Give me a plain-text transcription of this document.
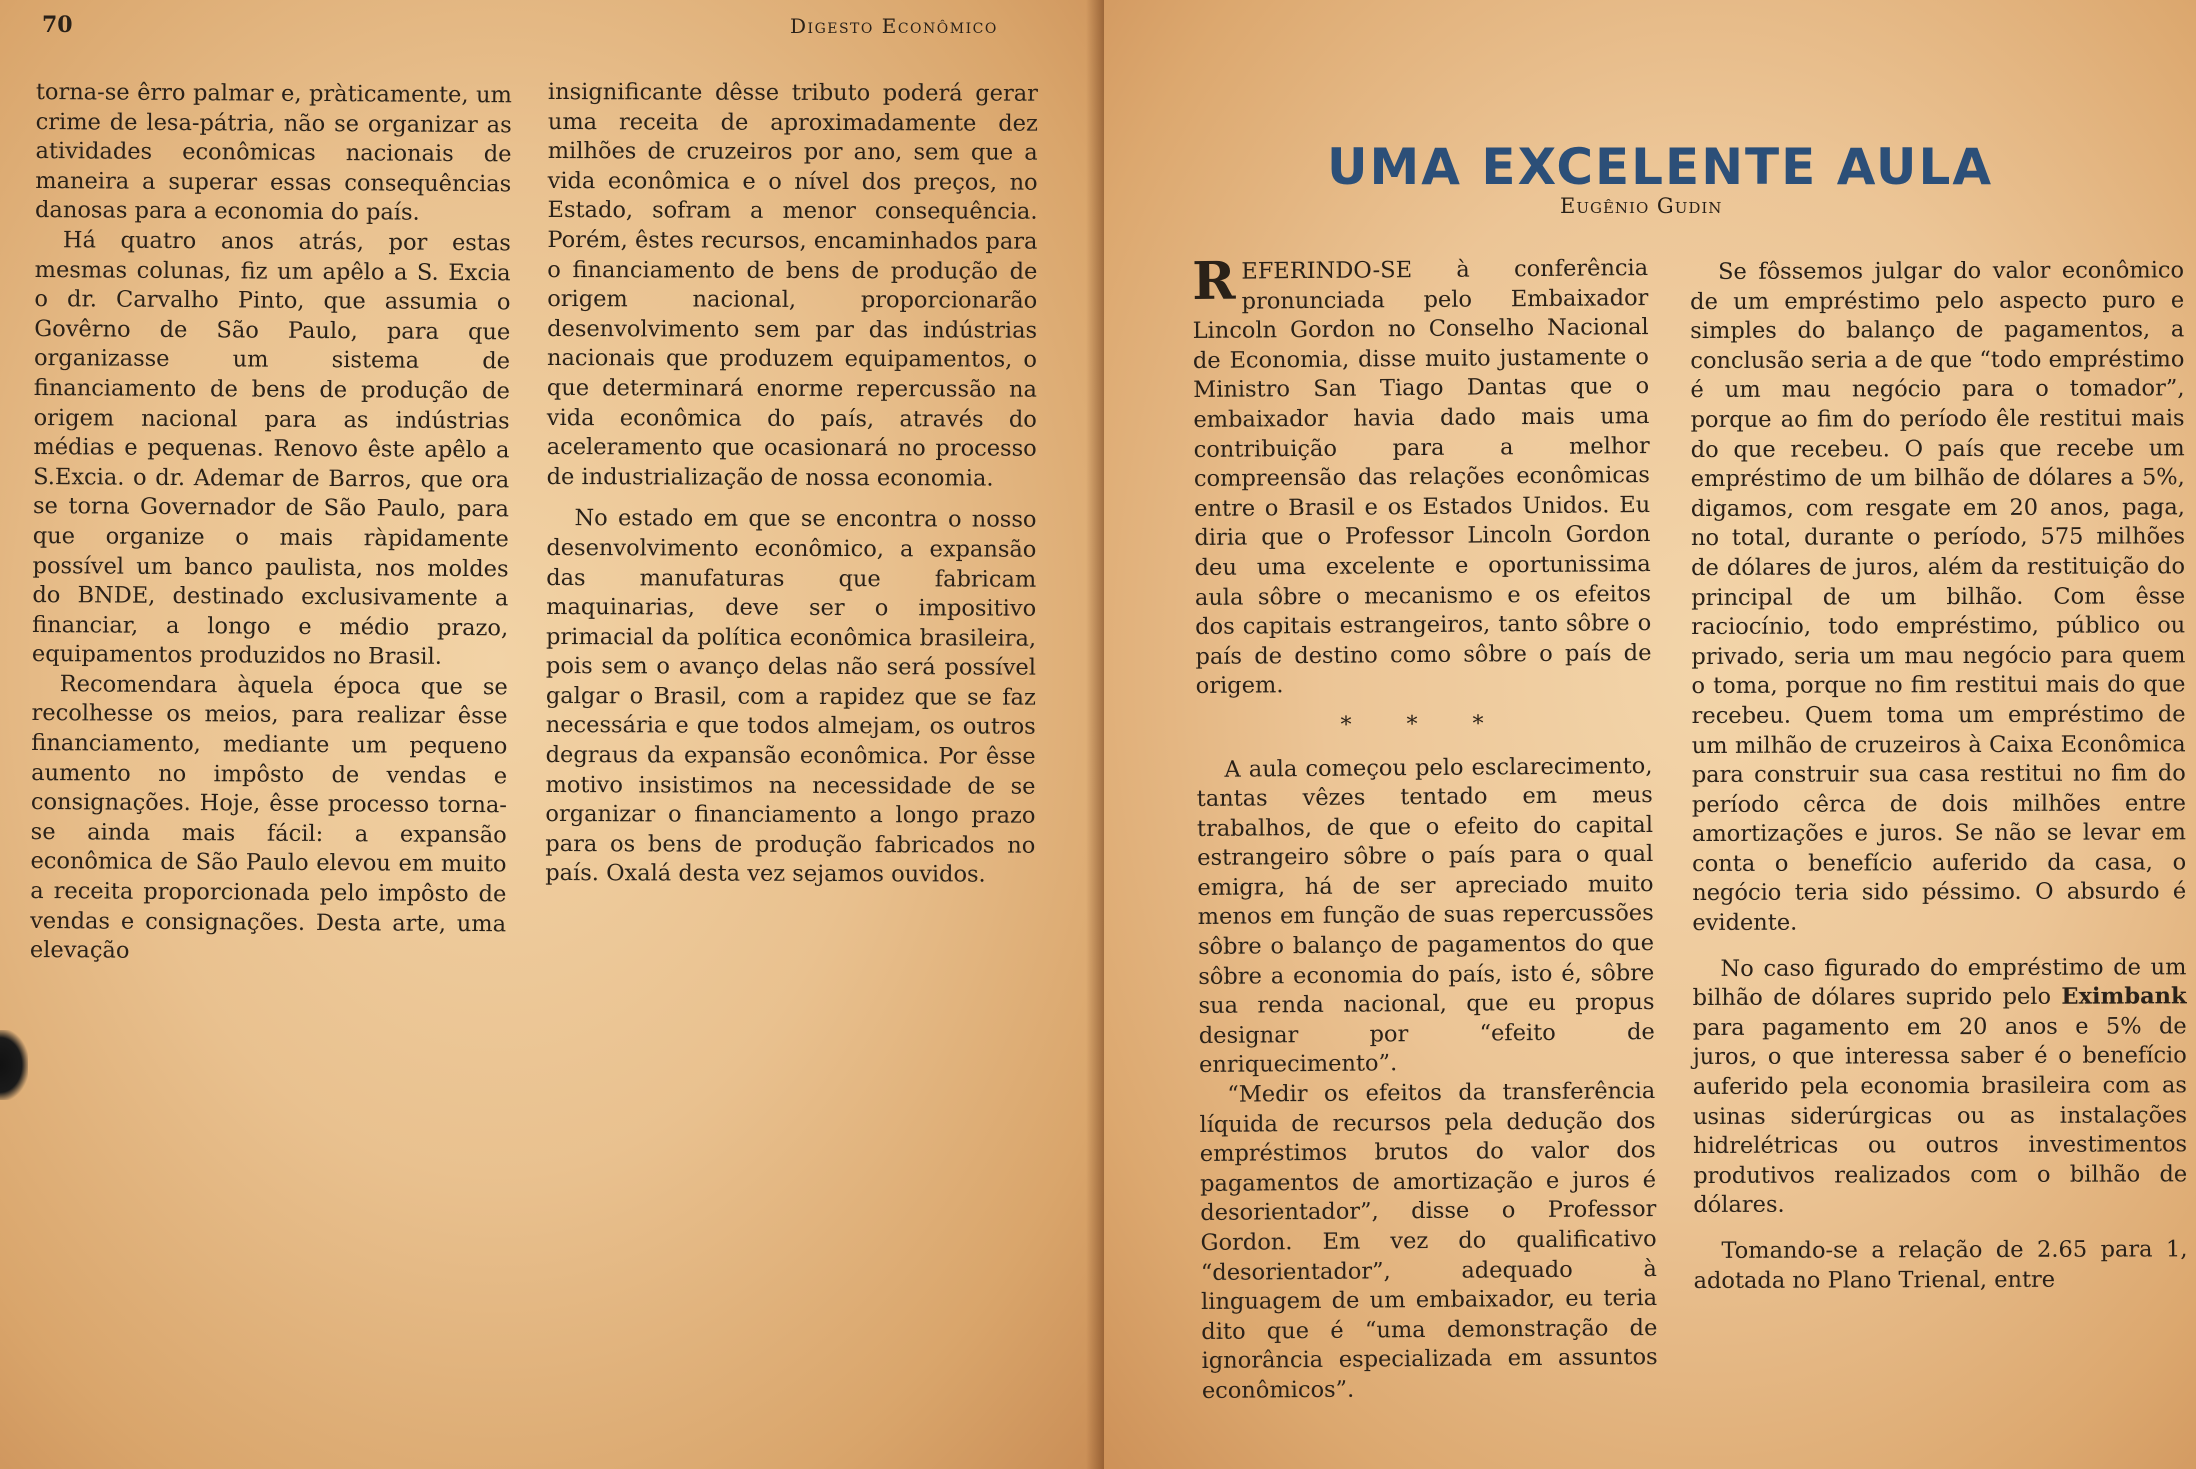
70	Digesto Econômico

torna-se êrro palmar e, pràticamente, um crime de lesa-pátria, não se organizar as atividades econômicas nacionais de maneira a superar essas consequências danosas para a economia do país.

Há quatro anos atrás, por estas mesmas colunas, fiz um apêlo a S. Excia o dr. Carvalho Pinto, que assumia o Govêrno de São Paulo, para que organizasse um sistema de financiamento de bens de produção de origem nacional para as indústrias médias e pequenas. Renovo êste apêlo a S.Excia. o dr. Ademar de Barros, que ora se torna Governador de São Paulo, para que organize o mais ràpidamente possível um banco paulista, nos moldes do BNDE, destinado exclusivamente a financiar, a longo e médio prazo, equipamentos produzidos no Brasil.

Recomendara àquela época que se recolhesse os meios, para realizar êsse financiamento, mediante um pequeno aumento no impôsto de vendas e consignações. Hoje, êsse processo torna-se ainda mais fácil: a expansão econômica de São Paulo elevou em muito a receita proporcionada pelo impôsto de vendas e consignações. Desta arte, uma elevação

insignificante dêsse tributo poderá gerar uma receita de aproximadamente dez milhões de cruzeiros por ano, sem que a vida econômica e o nível dos preços, no Estado, sofram a menor consequência. Porém, êstes recursos, encaminhados para o financiamento de bens de produção de origem nacional, proporcionarão desenvolvimento sem par das indústrias nacionais que produzem equipamentos, o que determinará enorme repercussão na vida econômica do país, através do aceleramento que ocasionará no processo de industrialização de nossa economia.

No estado em que se encontra o nosso desenvolvimento econômico, a expansão das manufaturas que fabricam maquinarias, deve ser o impositivo primacial da política econômica brasileira, pois sem o avanço delas não será possível galgar o Brasil, com a rapidez que se faz necessária e que todos almejam, os outros degraus da expansão econômica. Por êsse motivo insistimos na necessidade de se organizar o financiamento a longo prazo para os bens de produção fabricados no país. Oxalá desta vez sejamos ouvidos.

UMA EXCELENTE AULA
Eugênio Gudin

REFERINDO-SE à conferência pronunciada pelo Embaixador Lincoln Gordon no Conselho Nacional de Economia, disse muito justamente o Ministro San Tiago Dantas que o embaixador havia dado mais uma contribuição para a melhor compreensão das relações econômicas entre o Brasil e os Estados Unidos. Eu diria que o Professor Lincoln Gordon deu uma excelente e oportunissima aula sôbre o mecanismo e os efeitos dos capitais estrangeiros, tanto sôbre o país de destino como sôbre o país de origem.

* * *

A aula começou pelo esclarecimento, tantas vêzes tentado em meus trabalhos, de que o efeito do capital estrangeiro sôbre o país para o qual emigra, há de ser apreciado muito menos em função de suas repercussões sôbre o balanço de pagamentos do que sôbre a economia do país, isto é, sôbre sua renda nacional, que eu propus designar por “efeito de enriquecimento”.

“Medir os efeitos da transferência líquida de recursos pela dedução dos empréstimos brutos do valor dos pagamentos de amortização e juros é desorientador”, disse o Professor Gordon. Em vez do qualificativo “desorientador”, adequado à linguagem de um embaixador, eu teria dito que é “uma demonstração de ignorância especializada em assuntos econômicos”.

Se fôssemos julgar do valor econômico de um empréstimo pelo aspecto puro e simples do balanço de pagamentos, a conclusão seria a de que “todo empréstimo é um mau negócio para o tomador”, porque ao fim do período êle restitui mais do que recebeu. O país que recebe um empréstimo de um bilhão de dólares a 5%, digamos, com resgate em 20 anos, paga, no total, durante o período, 575 milhões de dólares de juros, além da restituição do principal de um bilhão. Com êsse raciocínio, todo empréstimo, público ou privado, seria um mau negócio para quem o toma, porque no fim restitui mais do que recebeu. Quem toma um empréstimo de um milhão de cruzeiros à Caixa Econômica para construir sua casa restitui no fim do período cêrca de dois milhões entre amortizações e juros. Se não se levar em conta o benefício auferido da casa, o negócio teria sido péssimo. O absurdo é evidente.

No caso figurado do empréstimo de um bilhão de dólares suprido pelo Eximbank para pagamento em 20 anos e 5% de juros, o que interessa saber é o benefício auferido pela economia brasileira com as usinas siderúrgicas ou as instalações hidrelétricas ou outros investimentos produtivos realizados com o bilhão de dólares.

Tomando-se a relação de 2.65 para 1, adotada no Plano Trienal, entre
